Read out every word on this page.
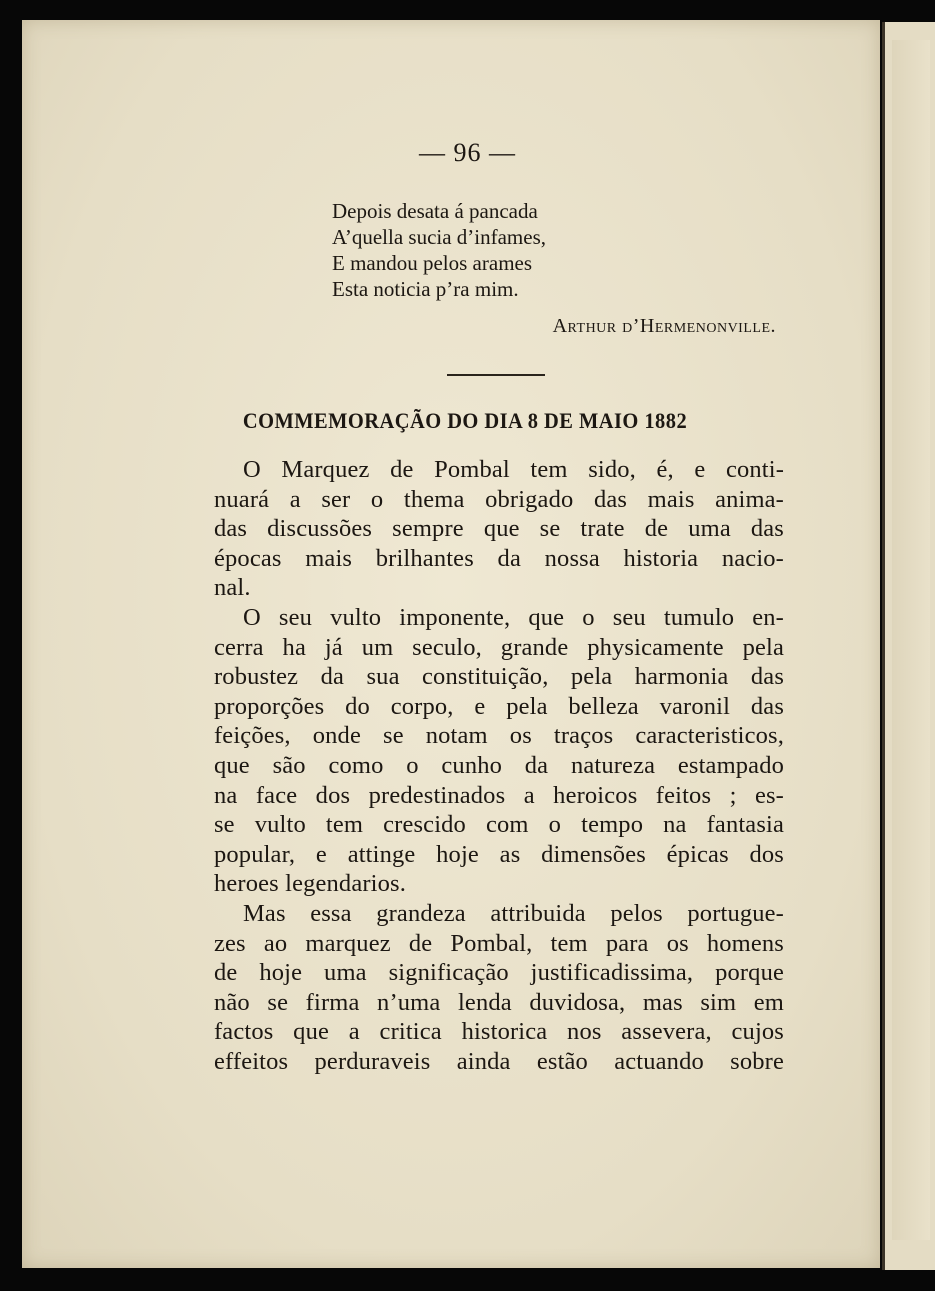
— 96 —
Depois desata á pancada
A’quella sucia d’infames,
E mandou pelos arames
Esta noticia p’ra mim.
Arthur d’Hermenonville.
COMMEMORAÇÃO DO DIA 8 DE MAIO 1882

O Marquez de Pombal tem sido, é, e conti-
nuará a ser o thema obrigado das mais anima-
das discussões sempre que se trate de uma das
épocas mais brilhantes da nossa historia nacio-
nal.

O seu vulto imponente, que o seu tumulo en-
cerra ha já um seculo, grande physicamente pela
robustez da sua constituição, pela harmonia das
proporções do corpo, e pela belleza varonil das
feições, onde se notam os traços caracteristicos,
que são como o cunho da natureza estampado
na face dos predestinados a heroicos feitos ; es-
se vulto tem crescido com o tempo na fantasia
popular, e attinge hoje as dimensões épicas dos
heroes legendarios.

Mas essa grandeza attribuida pelos portugue-
zes ao marquez de Pombal, tem para os homens
de hoje uma significação justificadissima, porque
não se firma n’uma lenda duvidosa, mas sim em
factos que a critica historica nos assevera, cujos
effeitos perduraveis ainda estão actuando sobre
